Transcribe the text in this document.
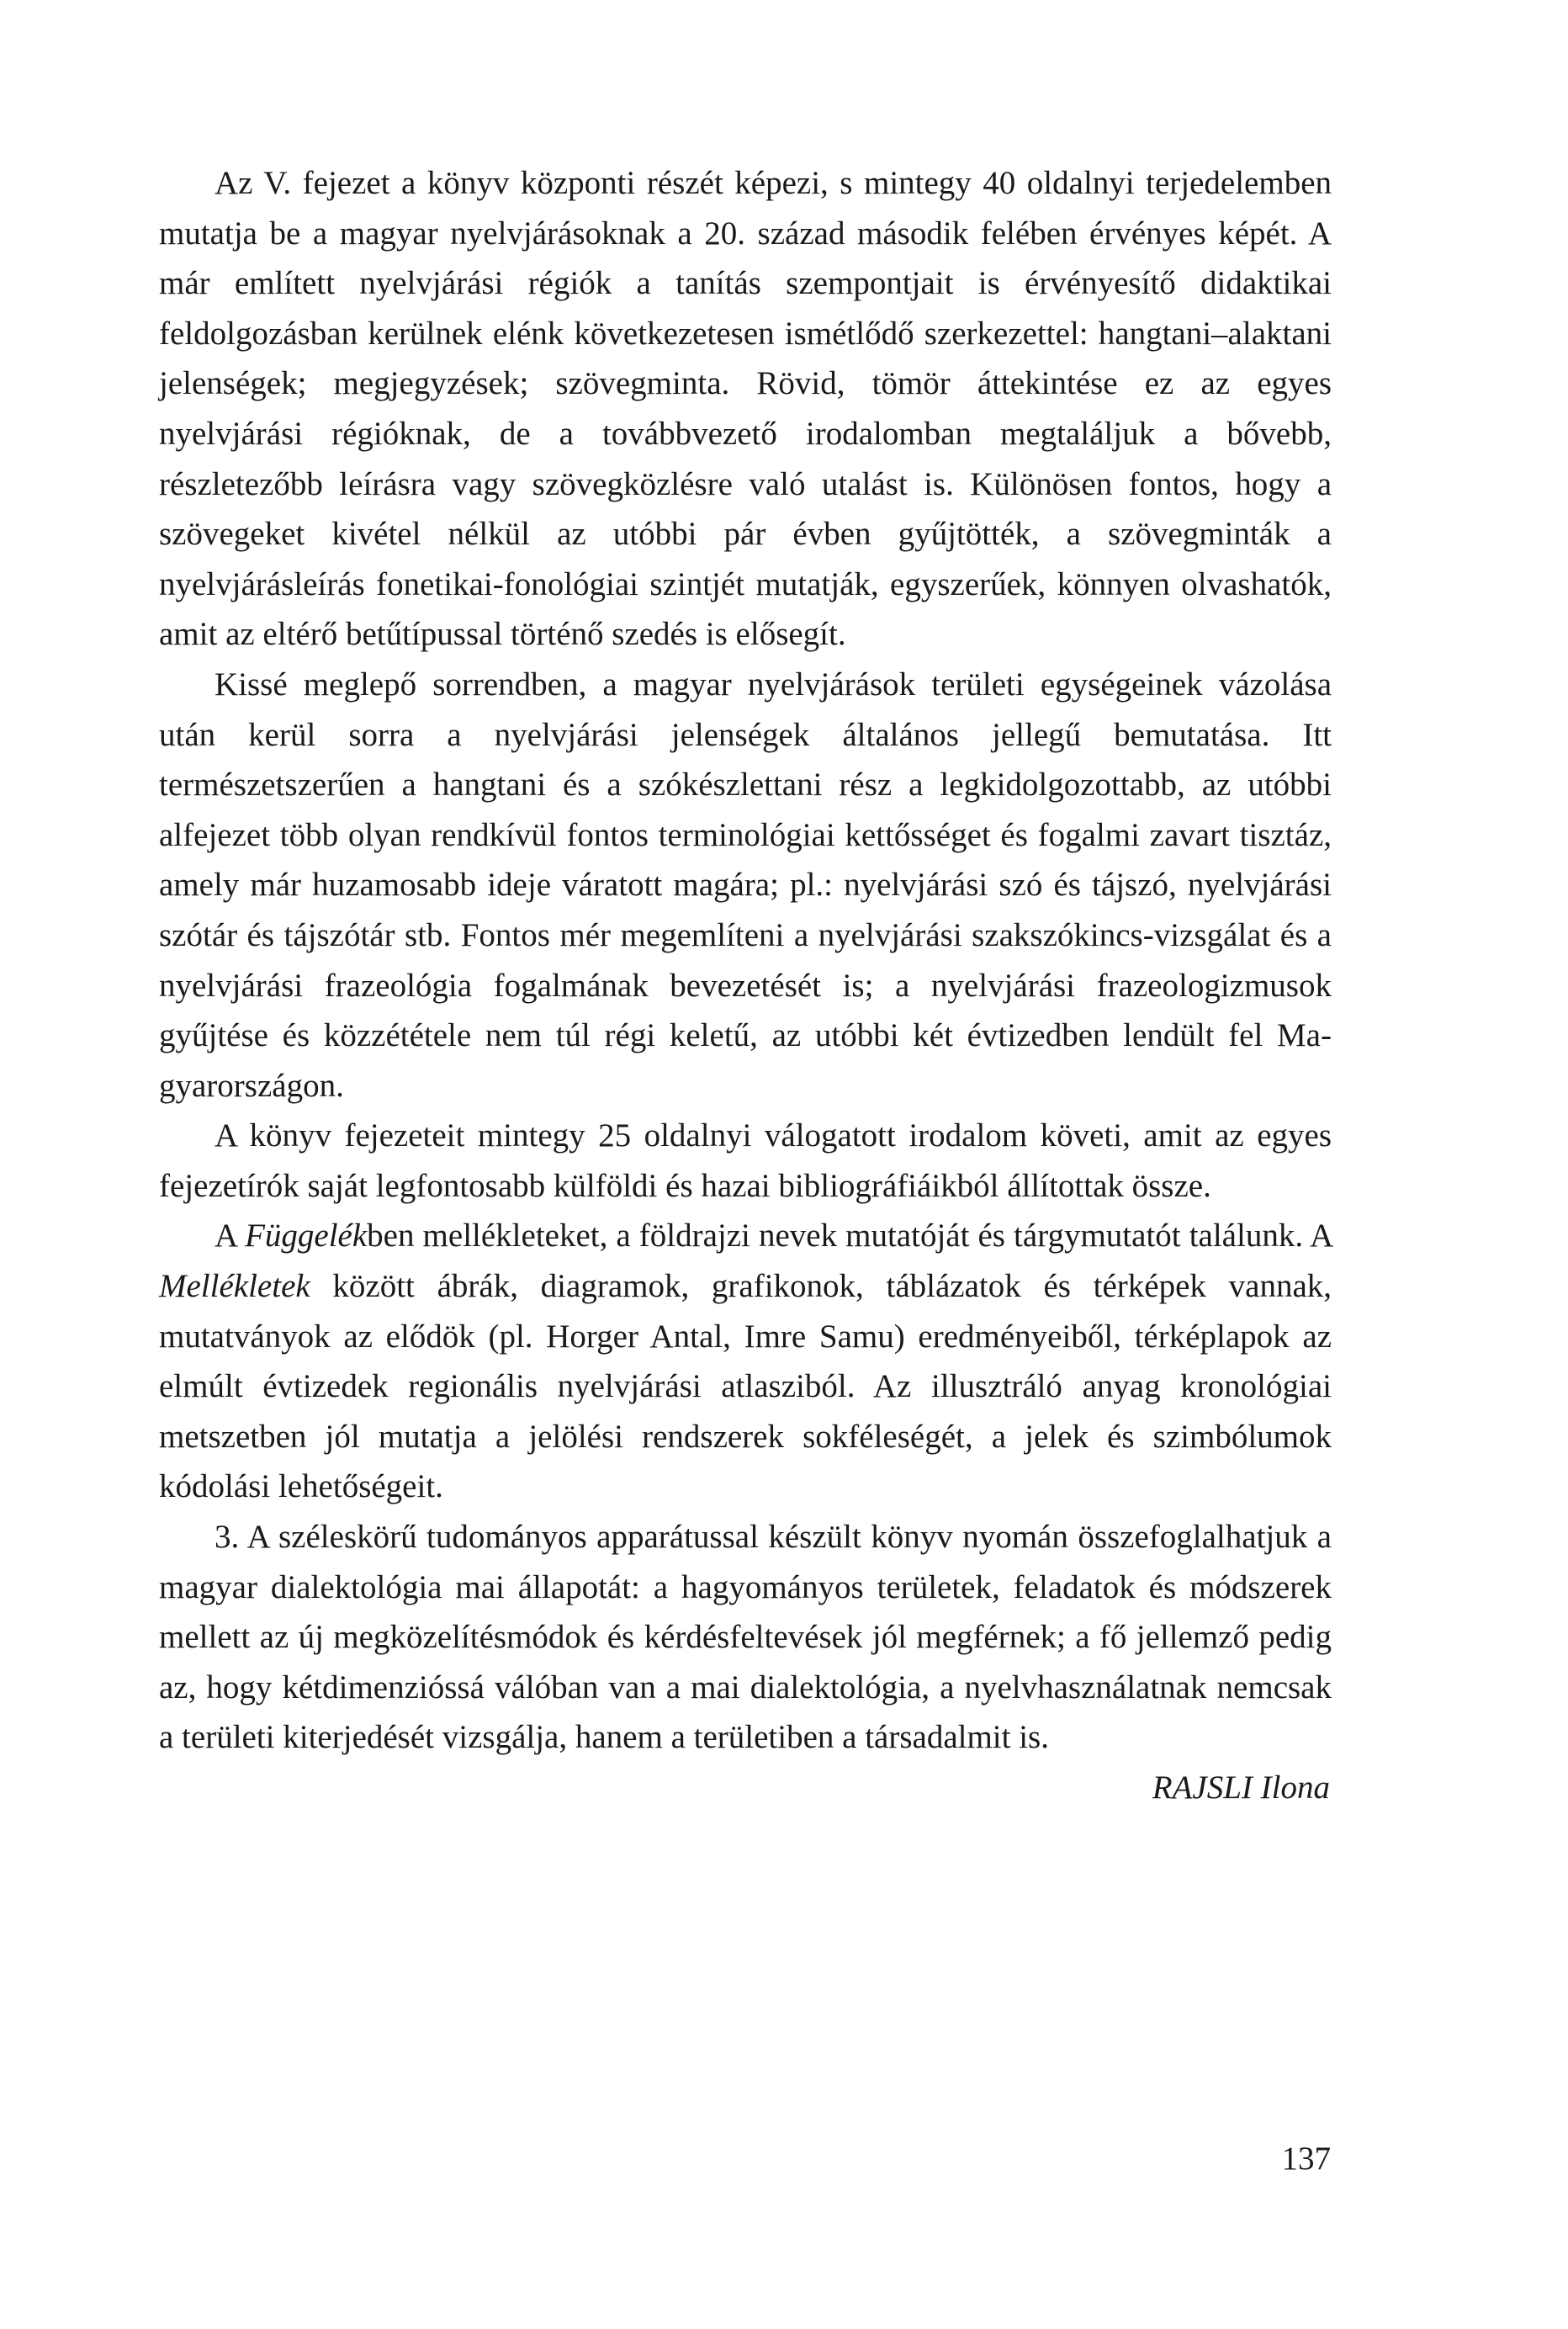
Az V. fejezet a könyv központi részét képezi, s mintegy 40 oldalnyi terjedelemben mutatja be a magyar nyelvjárásoknak a 20. század második felében érvényes képét. A már említett nyelvjárási régiók a tanítás szempontjait is érvényesítő didaktikai feldolgozásban kerülnek elénk következetesen ismétlődő szerkezettel: hangtani–alaktani jelenségek; megjegyzések; szövegminta. Rövid, tömör áttekintése ez az egyes nyelvjárási régióknak, de a továbbvezető irodalomban megtaláljuk a bővebb, részletezőbb leírásra vagy szövegközlésre való utalást is. Különösen fontos, hogy a szövegeket kivétel nélkül az utóbbi pár évben gyűjtötték, a szövegminták a nyelvjárásleírás fonetikai-fonológiai szintjét mutatják, egyszerűek, könnyen olvashatók, amit az eltérő betűtípussal történő szedés is elősegít.

Kissé meglepő sorrendben, a magyar nyelvjárások területi egységeinek vázolása után kerül sorra a nyelvjárási jelenségek általános jellegű bemutatása. Itt természetszerűen a hangtani és a szókészlettani rész a legkidolgozottabb, az utóbbi alfejezet több olyan rendkívül fontos terminológiai kettősséget és fogalmi zavart tisztáz, amely már huzamosabb ideje váratott magára; pl.: nyelvjárási szó és tájszó, nyelvjárási szótár és tájszótár stb. Fontos mér megemlíteni a nyelvjárási szakszókincs-vizsgálat és a nyelvjárási frazeológia fogalmának bevezetését is; a nyelvjárási frazeologizmusok gyűjtése és közzététele nem túl régi keletű, az utóbbi két évtizedben lendült fel Magyarországon.

A könyv fejezeteit mintegy 25 oldalnyi válogatott irodalom követi, amit az egyes fejezetírók saját legfontosabb külföldi és hazai bibliográfiáikból állítottak össze.

A Függelékben mellékleteket, a földrajzi nevek mutatóját és tárgymutatót találunk. A Mellékletek között ábrák, diagramok, grafikonok, táblázatok és térképek vannak, mutatványok az elődök (pl. Horger Antal, Imre Samu) eredményeiből, térképlapok az elmúlt évtizedek regionális nyelvjárási atlasziból. Az illusztráló anyag kronológiai metszetben jól mutatja a jelölési rendszerek sokféleségét, a jelek és szimbólumok kódolási lehetőségeit.

3. A széleskörű tudományos apparátussal készült könyv nyomán összefoglalhatjuk a magyar dialektológia mai állapotát: a hagyományos területek, feladatok és módszerek mellett az új megközelítésmódok és kérdésfeltevések jól megférnek; a fő jellemző pedig az, hogy kétdimenzióssá válóban van a mai dialektológia, a nyelvhasználatnak nemcsak a területi kiterjedését vizsgálja, hanem a területiben a társadalmit is.

RAJSLI Ilona

137
